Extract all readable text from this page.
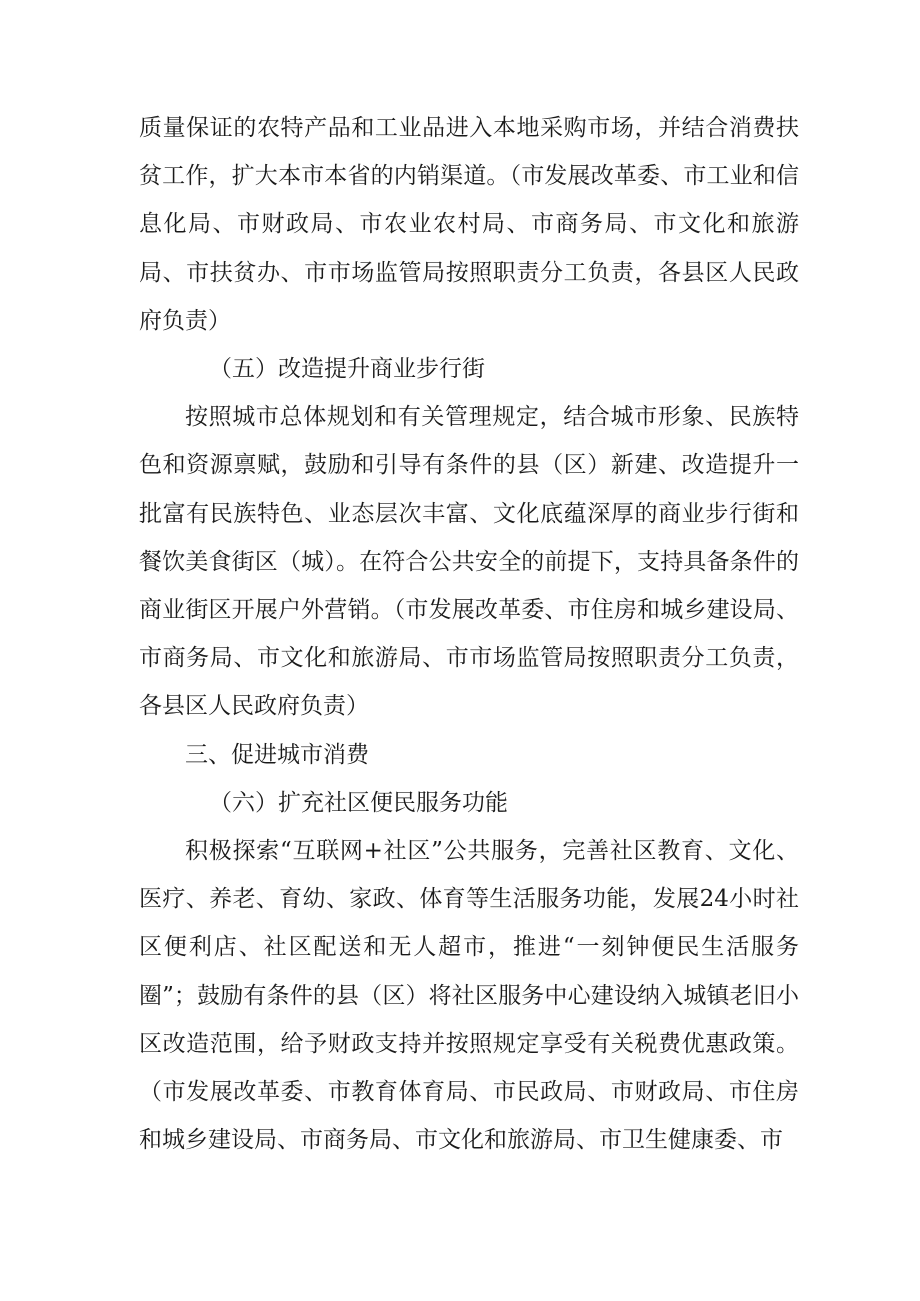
质量保证的农特产品和工业品进入本地采购市场，并结合消费扶贫工作，扩大本市本省的内销渠道。（市发展改革委、市工业和信息化局、市财政局、市农业农村局、市商务局、市文化和旅游局、市扶贫办、市市场监管局按照职责分工负责，各县区人民政府负责）

（五）改造提升商业步行街

按照城市总体规划和有关管理规定，结合城市形象、民族特色和资源禀赋，鼓励和引导有条件的县（区）新建、改造提升一批富有民族特色、业态层次丰富、文化底蕴深厚的商业步行街和餐饮美食街区（城）。在符合公共安全的前提下，支持具备条件的商业街区开展户外营销。（市发展改革委、市住房和城乡建设局、市商务局、市文化和旅游局、市市场监管局按照职责分工负责，各县区人民政府负责）

三、促进城市消费

（六）扩充社区便民服务功能

积极探索“互联网+社区”公共服务，完善社区教育、文化、医疗、养老、育幼、家政、体育等生活服务功能，发展24小时社区便利店、社区配送和无人超市，推进“一刻钟便民生活服务圈”；鼓励有条件的县（区）将社区服务中心建设纳入城镇老旧小区改造范围，给予财政支持并按照规定享受有关税费优惠政策。（市发展改革委、市教育体育局、市民政局、市财政局、市住房和城乡建设局、市商务局、市文化和旅游局、市卫生健康委、市
